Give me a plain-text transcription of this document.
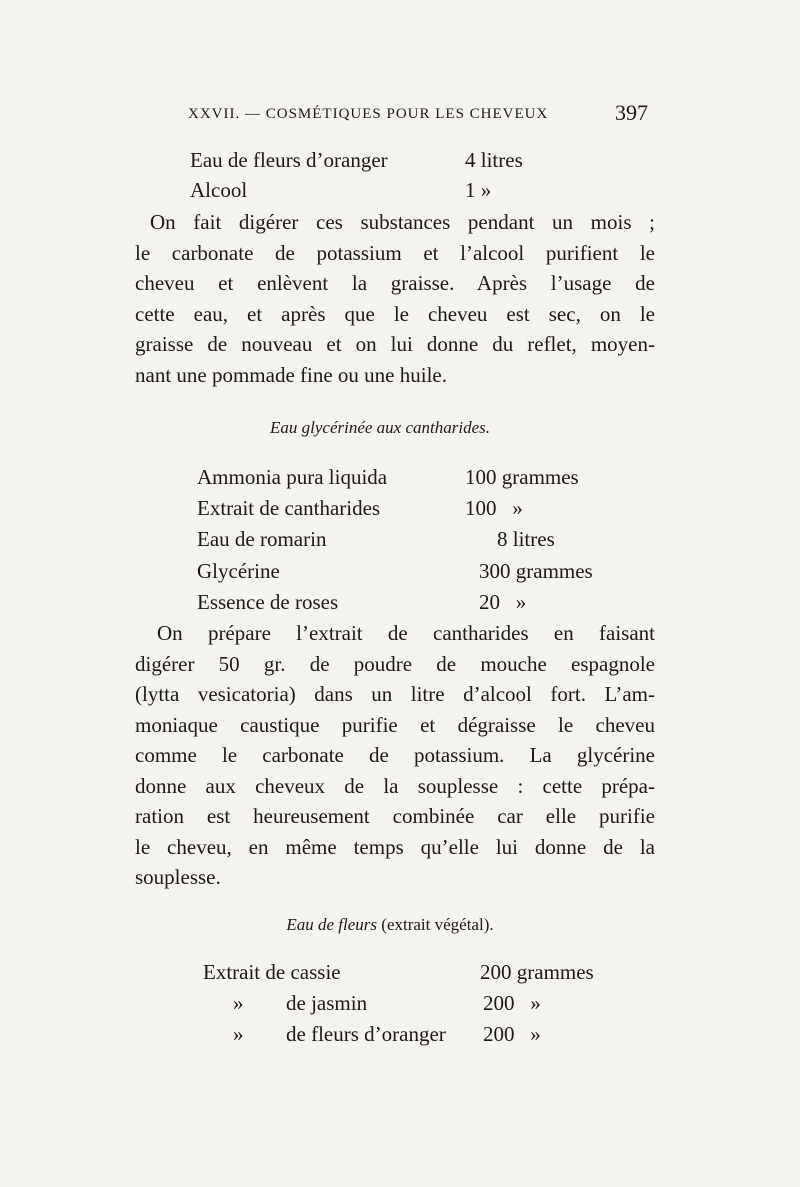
XXVII. — COSMÉTIQUES POUR LES CHEVEUX	397
Eau de fleurs d’oranger	4 litres
Alcool	1 »
On fait digérer ces substances pendant un mois ;
le carbonate de potassium et l’alcool purifient le
cheveu et enlèvent la graisse. Après l’usage de
cette eau, et après que le cheveu est sec, on le
graisse de nouveau et on lui donne du reflet, moyen-
nant une pommade fine ou une huile.
Eau glycérinée aux cantharides.
Ammonia pura liquida	100 grammes
Extrait de cantharides	100   »
Eau de romarin	8 litres
Glycérine	300 grammes
Essence de roses	20   »
On prépare l’extrait de cantharides en faisant
digérer 50 gr. de poudre de mouche espagnole
(lytta vesicatoria) dans un litre d’alcool fort. L’am-
moniaque caustique purifie et dégraisse le cheveu
comme le carbonate de potassium. La glycérine
donne aux cheveux de la souplesse : cette prépa-
ration est heureusement combinée car elle purifie
le cheveu, en même temps qu’elle lui donne de la
souplesse.
Eau de fleurs (extrait végétal).
Extrait de cassie	200 grammes
» de jasmin	200   »
» de fleurs d’oranger 200   »
